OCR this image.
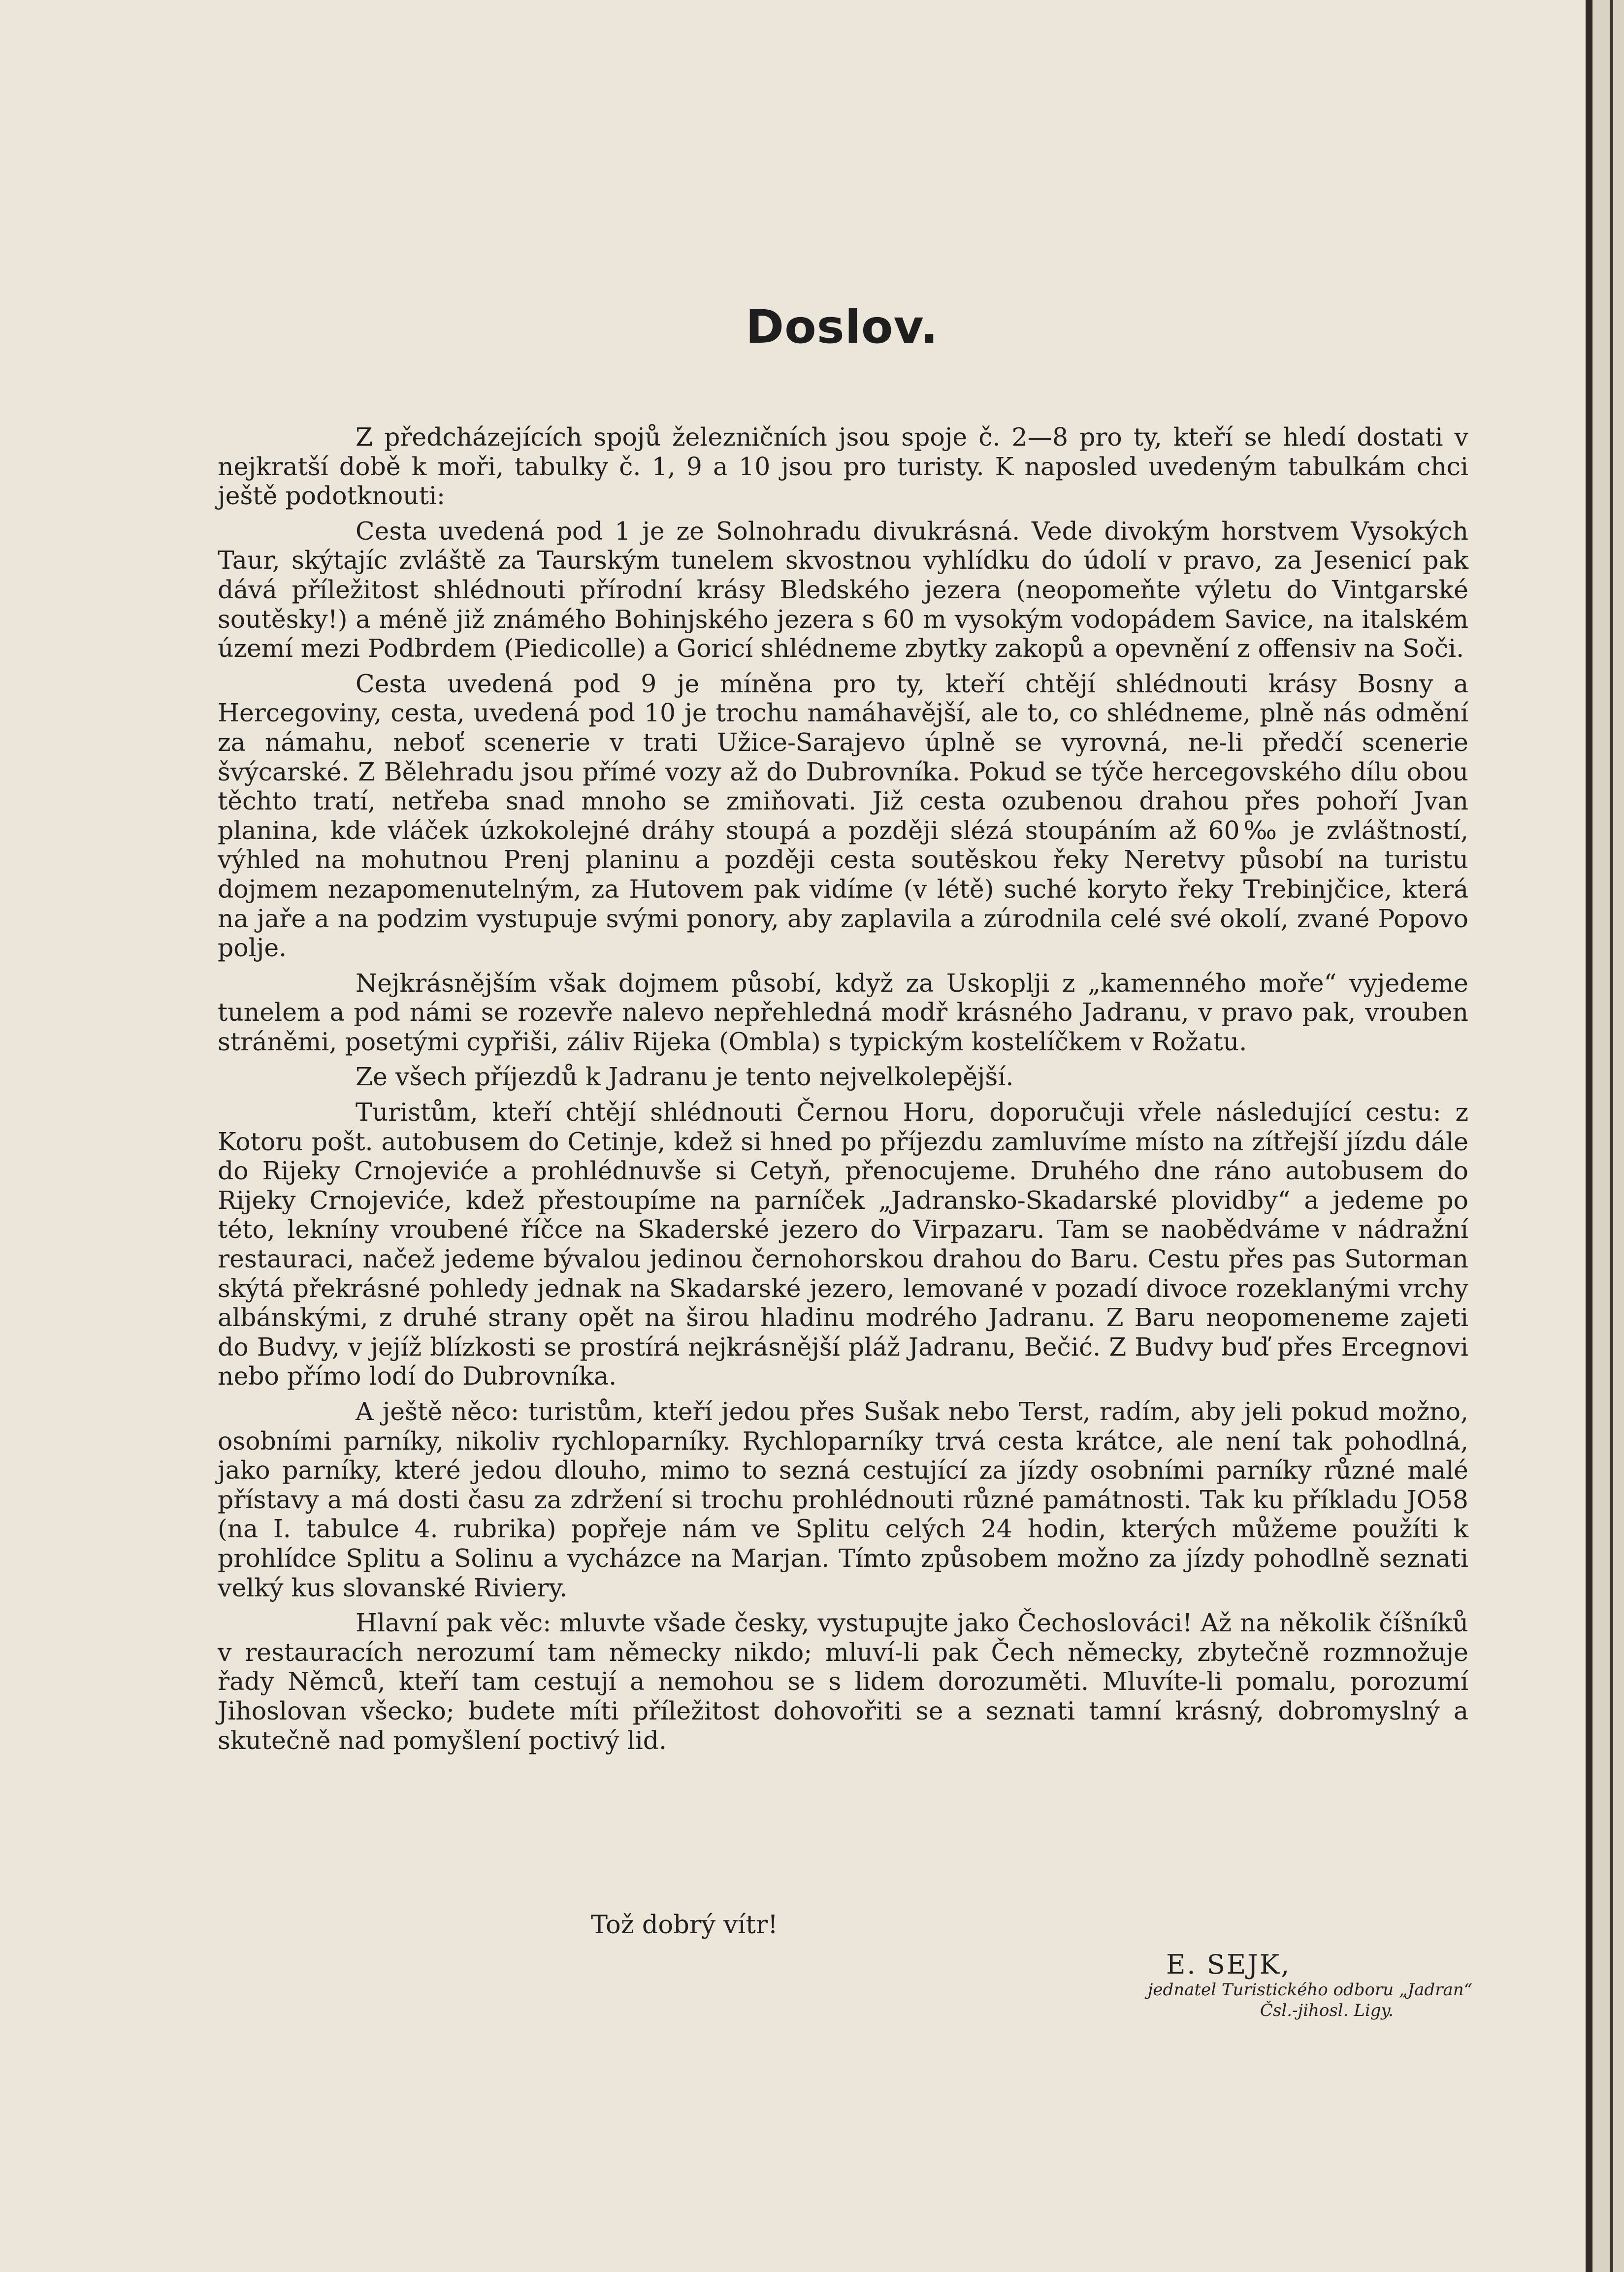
Doslov.

Z předcházejících spojů železničních jsou spoje č. 2—8 pro ty, kteří se hledí dostati v nejkratší době k moři, tabulky č. 1, 9 a 10 jsou pro turisty. K naposled uvedeným tabulkám chci ještě podotknouti:

Cesta uvedená pod 1 je ze Solnohradu divukrásná. Vede divokým horstvem Vysokých Taur, skýtajíc zvláště za Taurským tunelem skvostnou vyhlídku do údolí v pravo, za Jesenicí pak dává příležitost shlédnouti přírodní krásy Bledského jezera (neopomeňte výletu do Vintgarské soutěsky!) a méně již známého Bohinjského jezera s 60 m vysokým vodopádem Savice, na italském území mezi Podbrdem (Piedicolle) a Goricí shlédneme zbytky zakopů a opevnění z offensiv na Soči.

Cesta uvedená pod 9 je míněna pro ty, kteří chtějí shlédnouti krásy Bosny a Hercegoviny, cesta, uvedená pod 10 je trochu namáhavější, ale to, co shlédneme, plně nás odmění za námahu, neboť scenerie v trati Užice-Sarajevo úplně se vyrovná, ne-li předčí scenerie švýcarské. Z Bělehradu jsou přímé vozy až do Dubrovníka. Pokud se týče hercegovského dílu obou těchto tratí, netřeba snad mnoho se zmiňovati. Již cesta ozubenou drahou přes pohoří Jvan planina, kde vláček úzkokolejné dráhy stoupá a později slézá stoupáním až 60‰ je zvláštností, výhled na mohutnou Prenj planinu a později cesta soutěskou řeky Neretvy působí na turistu dojmem nezapomenutelným, za Hutovem pak vidíme (v létě) suché koryto řeky Trebinjčice, která na jaře a na podzim vystupuje svými ponory, aby zaplavila a zúrodnila celé své okolí, zvané Popovo polje.

Nejkrásnějším však dojmem působí, když za Uskoplji z „kamenného moře“ vyjedeme tunelem a pod námi se rozevře nalevo nepřehledná modř krásného Jadranu, v pravo pak, vrouben stráněmi, posetými cypřiši, záliv Rijeka (Ombla) s typickým kostelíčkem v Rožatu.

Ze všech příjezdů k Jadranu je tento nejvelkolepější.

Turistům, kteří chtějí shlédnouti Černou Horu, doporučuji vřele následující cestu: z Kotoru pošt. autobusem do Cetinje, kdež si hned po příjezdu zamluvíme místo na zítřejší jízdu dále do Rijeky Crnojeviće a prohlédnuvše si Cetyň, přenocujeme. Druhého dne ráno autobusem do Rijeky Crnojeviće, kdež přestoupíme na parníček „Jadransko-Skadarské plovidby“ a jedeme po této, lekníny vroubené říčce na Skaderské jezero do Virpazaru. Tam se naobědváme v nádražní restauraci, načež jedeme bývalou jedinou černohorskou drahou do Baru. Cestu přes pas Sutorman skýtá překrásné pohledy jednak na Skadarské jezero, lemované v pozadí divoce rozeklanými vrchy albánskými, z druhé strany opět na širou hladinu modrého Jadranu. Z Baru neopomeneme zajeti do Budvy, v jejíž blízkosti se prostírá nejkrásnější pláž Jadranu, Bečić. Z Budvy buď přes Ercegnovi nebo přímo lodí do Dubrovníka.

A ještě něco: turistům, kteří jedou přes Sušak nebo Terst, radím, aby jeli pokud možno, osobními parníky, nikoliv rychloparníky. Rychloparníky trvá cesta krátce, ale není tak pohodlná, jako parníky, které jedou dlouho, mimo to sezná cestující za jízdy osobními parníky různé malé přístavy a má dosti času za zdržení si trochu prohlédnouti různé památnosti. Tak ku příkladu JO58 (na I. tabulce 4. rubrika) popřeje nám ve Splitu celých 24 hodin, kterých můžeme použíti k prohlídce Splitu a Solinu a vycházce na Marjan. Tímto způsobem možno za jízdy pohodlně seznati velký kus slovanské Riviery.

Hlavní pak věc: mluvte všade česky, vystupujte jako Čechoslováci! Až na několik číšníků v restauracích nerozumí tam německy nikdo; mluví-li pak Čech německy, zbytečně rozmnožuje řady Němců, kteří tam cestují a nemohou se s lidem dorozuměti. Mluvíte-li pomalu, porozumí Jihoslovan všecko; budete míti příležitost dohovořiti se a seznati tamní krásný, dobromyslný a skutečně nad pomyšlení poctivý lid.

Tož dobrý vítr!

E. SEJK,

jednatel Turistického odboru „Jadran“
Čsl.-jihosl. Ligy.
